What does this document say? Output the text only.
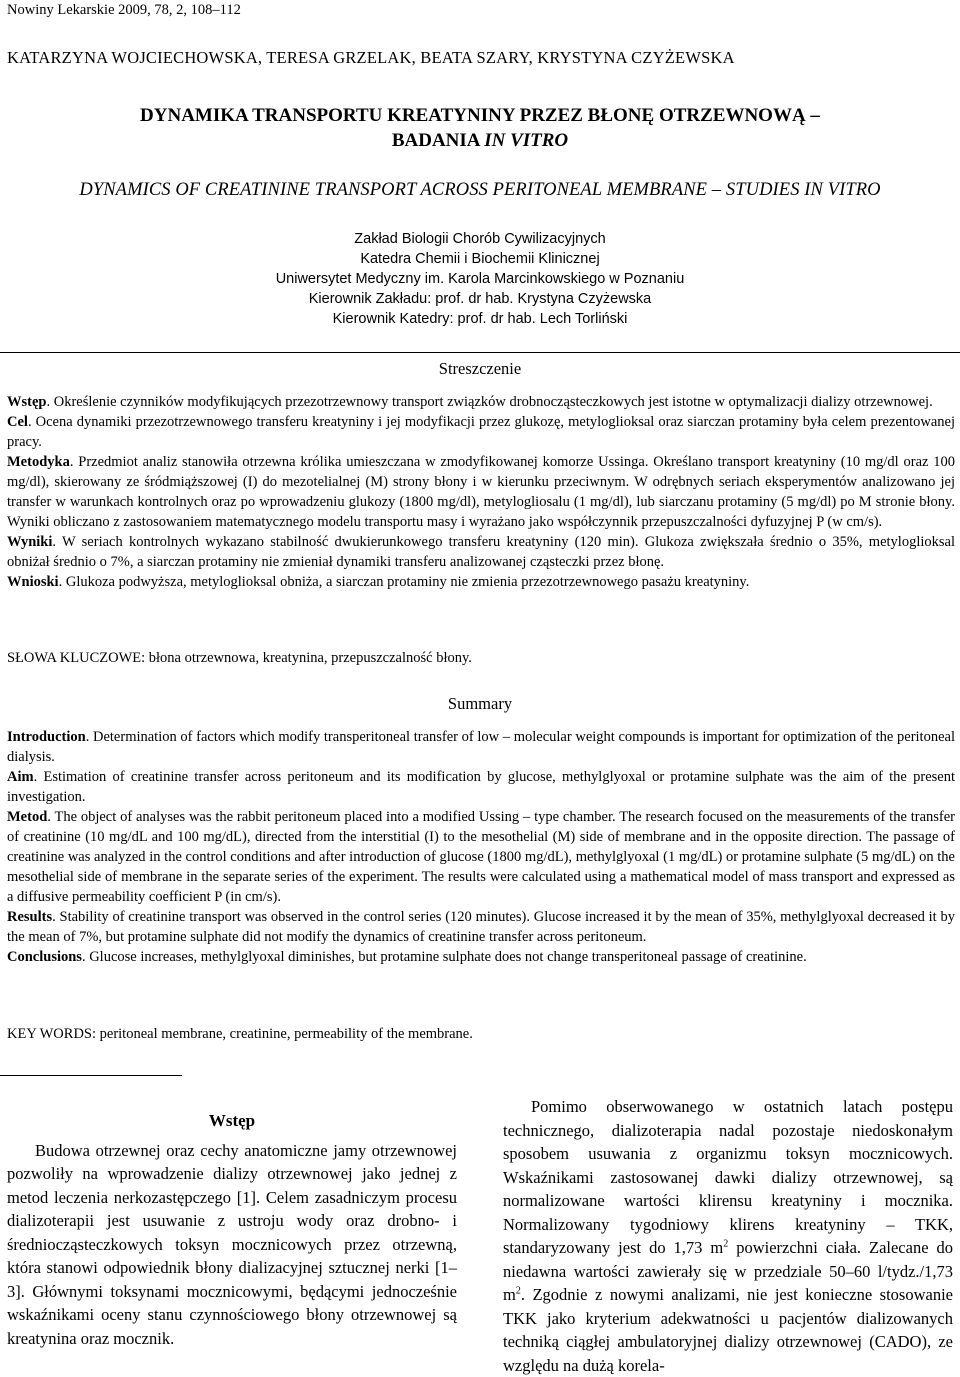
Nowiny Lekarskie 2009, 78, 2, 108–112
KATARZYNA WOJCIECHOWSKA, TERESA GRZELAK, BEATA SZARY, KRYSTYNA CZYŻEWSKA
DYNAMIKA TRANSPORTU KREATYNINY PRZEZ BŁONĘ OTRZEWNOWĄ –
BADANIA IN VITRO
DYNAMICS OF CREATININE TRANSPORT ACROSS PERITONEAL MEMBRANE – STUDIES IN VITRO
Zakład Biologii Chorób Cywilizacyjnych
Katedra Chemii i Biochemii Klinicznej
Uniwersytet Medyczny im. Karola Marcinkowskiego w Poznaniu
Kierownik Zakładu: prof. dr hab. Krystyna Czyżewska
Kierownik Katedry: prof. dr hab. Lech Torliński
Streszczenie

Wstęp. Określenie czynników modyfikujących przezotrzewnowy transport związków drobnocząsteczkowych jest istotne w optymalizacji dializy otrzewnowej.

Cel. Ocena dynamiki przezotrzewnowego transferu kreatyniny i jej modyfikacji przez glukozę, metyloglioksal oraz siarczan protaminy była celem prezentowanej pracy.

Metodyka. Przedmiot analiz stanowiła otrzewna królika umieszczana w zmodyfikowanej komorze Ussinga. Określano transport kreatyniny (10 mg/dl oraz 100 mg/dl), skierowany ze śródmiąższowej (I) do mezotelialnej (M) strony błony i w kierunku przeciwnym. W odrębnych seriach eksperymentów analizowano jej transfer w warunkach kontrolnych oraz po wprowadzeniu glukozy (1800 mg/dl), metylogliosalu (1 mg/dl), lub siarczanu protaminy (5 mg/dl) po M stronie błony. Wyniki obliczano z zastosowaniem matematycznego modelu transportu masy i wyrażano jako współczynnik przepuszczalności dyfuzyjnej P (w cm/s).

Wyniki. W seriach kontrolnych wykazano stabilność dwukierunkowego transferu kreatyniny (120 min). Glukoza zwiększała średnio o 35%, metyloglioksal obniżał średnio o 7%, a siarczan protaminy nie zmieniał dynamiki transferu analizowanej cząsteczki przez błonę.

Wnioski. Glukoza podwyższa, metyloglioksal obniża, a siarczan protaminy nie zmienia przezotrzewnowego pasażu kreatyniny.

SŁOWA KLUCZOWE: błona otrzewnowa, kreatynina, przepuszczalność błony.
Summary

Introduction. Determination of factors which modify transperitoneal transfer of low – molecular weight compounds is important for optimization of the peritoneal dialysis.

Aim. Estimation of creatinine transfer across peritoneum and its modification by glucose, methylglyoxal or protamine sulphate was the aim of the present investigation.

Metod. The object of analyses was the rabbit peritoneum placed into a modified Ussing – type chamber. The research focused on the measurements of the transfer of creatinine (10 mg/dL and 100 mg/dL), directed from the interstitial (I) to the mesothelial (M) side of membrane and in the opposite direction. The passage of creatinine was analyzed in the control conditions and after introduction of glucose (1800 mg/dL), methylglyoxal (1 mg/dL) or protamine sulphate (5 mg/dL) on the mesothelial side of membrane in the separate series of the experiment. The results were calculated using a mathematical model of mass transport and expressed as a diffusive permeability coefficient P (in cm/s).

Results. Stability of creatinine transport was observed in the control series (120 minutes). Glucose increased it by the mean of 35%, methylglyoxal decreased it by the mean of 7%, but protamine sulphate did not modify the dynamics of creatinine transfer across peritoneum.

Conclusions. Glucose increases, methylglyoxal diminishes, but protamine sulphate does not change transperitoneal passage of creatinine.

KEY WORDS: peritoneal membrane, creatinine, permeability of the membrane.
Wstęp

Budowa otrzewnej oraz cechy anatomiczne jamy otrzewnowej pozwoliły na wprowadzenie dializy otrzewnowej jako jednej z metod leczenia nerkozastępczego [1]. Celem zasadniczym procesu dializoterapii jest usuwanie z ustroju wody oraz drobno- i średniocząsteczkowych toksyn mocznicowych przez otrzewną, która stanowi odpowiednik błony dializacyjnej sztucznej nerki [1–3]. Głównymi toksynami mocznicowymi, będącymi jednocześnie wskaźnikami oceny stanu czynnościowego błony otrzewnowej są kreatynina oraz mocznik.

Pomimo obserwowanego w ostatnich latach postępu technicznego, dializoterapia nadal pozostaje niedoskonałym sposobem usuwania z organizmu toksyn mocznicowych. Wskaźnikami zastosowanej dawki dializy otrzewnowej, są normalizowane wartości klirensu kreatyniny i mocznika. Normalizowany tygodniowy klirens kreatyniny – TKK, standaryzowany jest do 1,73 $m^2$ powierzchni ciała. Zalecane do niedawna wartości zawierały się w przedziale 50–60 l/tydz./1,73 $m^2$. Zgodnie z nowymi analizami, nie jest konieczne stosowanie TKK jako kryterium adekwatności u pacjentów dializowanych techniką ciągłej ambulatoryjnej dializy otrzewnowej (CADO), ze względu na dużą korela-
